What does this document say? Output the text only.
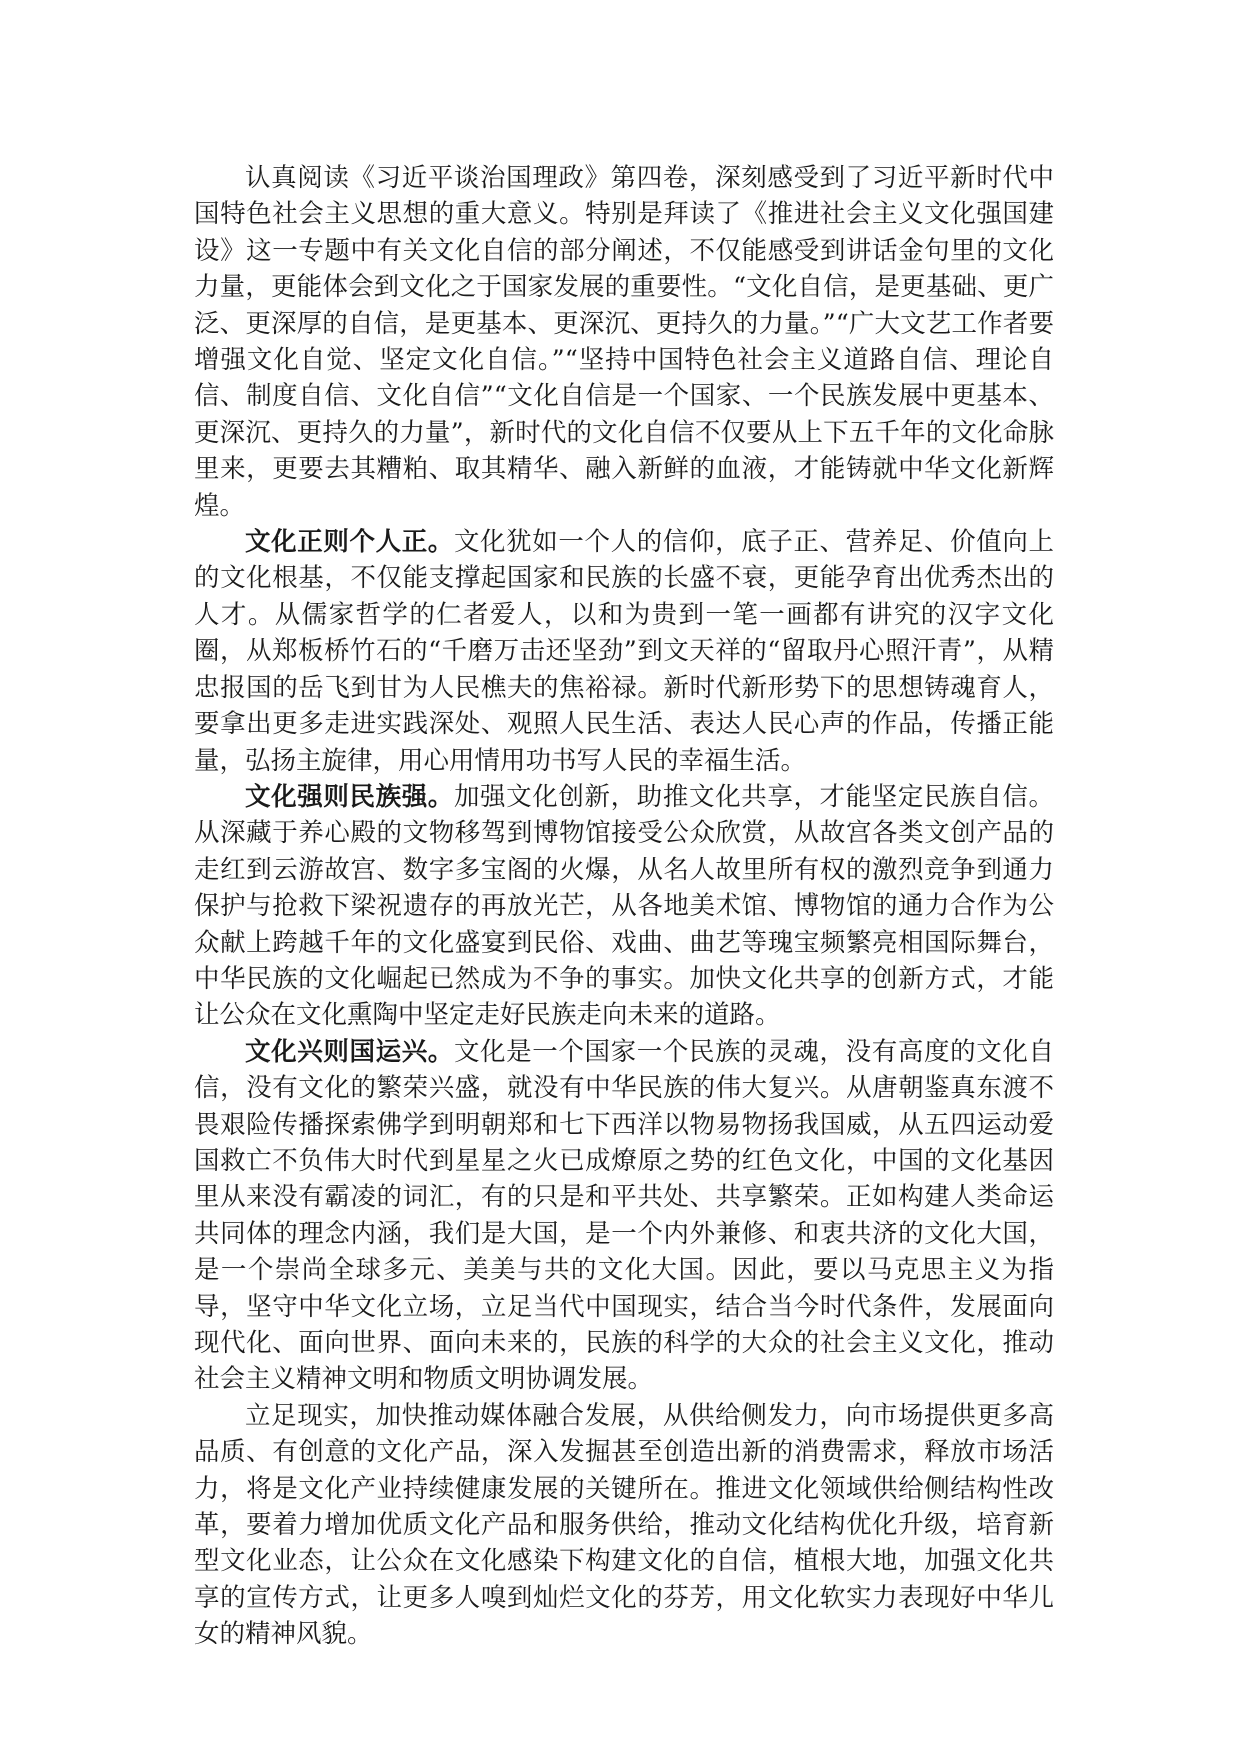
认真阅读《习近平谈治国理政》第四卷，深刻感受到了习近平新时代中国特色社会主义思想的重大意义。特别是拜读了《推进社会主义文化强国建设》这一专题中有关文化自信的部分阐述，不仅能感受到讲话金句里的文化力量，更能体会到文化之于国家发展的重要性。“文化自信，是更基础、更广泛、更深厚的自信，是更基本、更深沉、更持久的力量。”“广大文艺工作者要增强文化自觉、坚定文化自信。”“坚持中国特色社会主义道路自信、理论自信、制度自信、文化自信”“文化自信是一个国家、一个民族发展中更基本、更深沉、更持久的力量”，新时代的文化自信不仅要从上下五千年的文化命脉里来，更要去其糟粕、取其精华、融入新鲜的血液，才能铸就中华文化新辉煌。

文化正则个人正。文化犹如一个人的信仰，底子正、营养足、价值向上的文化根基，不仅能支撑起国家和民族的长盛不衰，更能孕育出优秀杰出的人才。从儒家哲学的仁者爱人，以和为贵到一笔一画都有讲究的汉字文化圈，从郑板桥竹石的“千磨万击还坚劲”到文天祥的“留取丹心照汗青”，从精忠报国的岳飞到甘为人民樵夫的焦裕禄。新时代新形势下的思想铸魂育人，要拿出更多走进实践深处、观照人民生活、表达人民心声的作品，传播正能量，弘扬主旋律，用心用情用功书写人民的幸福生活。

文化强则民族强。加强文化创新，助推文化共享，才能坚定民族自信。从深藏于养心殿的文物移驾到博物馆接受公众欣赏，从故宫各类文创产品的走红到云游故宫、数字多宝阁的火爆，从名人故里所有权的激烈竞争到通力保护与抢救下梁祝遗存的再放光芒，从各地美术馆、博物馆的通力合作为公众献上跨越千年的文化盛宴到民俗、戏曲、曲艺等瑰宝频繁亮相国际舞台，中华民族的文化崛起已然成为不争的事实。加快文化共享的创新方式，才能让公众在文化熏陶中坚定走好民族走向未来的道路。

文化兴则国运兴。文化是一个国家一个民族的灵魂，没有高度的文化自信，没有文化的繁荣兴盛，就没有中华民族的伟大复兴。从唐朝鉴真东渡不畏艰险传播探索佛学到明朝郑和七下西洋以物易物扬我国威，从五四运动爱国救亡不负伟大时代到星星之火已成燎原之势的红色文化，中国的文化基因里从来没有霸凌的词汇，有的只是和平共处、共享繁荣。正如构建人类命运共同体的理念内涵，我们是大国，是一个内外兼修、和衷共济的文化大国，是一个崇尚全球多元、美美与共的文化大国。因此，要以马克思主义为指导，坚守中华文化立场，立足当代中国现实，结合当今时代条件，发展面向现代化、面向世界、面向未来的，民族的科学的大众的社会主义文化，推动社会主义精神文明和物质文明协调发展。

立足现实，加快推动媒体融合发展，从供给侧发力，向市场提供更多高品质、有创意的文化产品，深入发掘甚至创造出新的消费需求，释放市场活力，将是文化产业持续健康发展的关键所在。推进文化领域供给侧结构性改革，要着力增加优质文化产品和服务供给，推动文化结构优化升级，培育新型文化业态，让公众在文化感染下构建文化的自信，植根大地，加强文化共享的宣传方式，让更多人嗅到灿烂文化的芬芳，用文化软实力表现好中华儿女的精神风貌。
